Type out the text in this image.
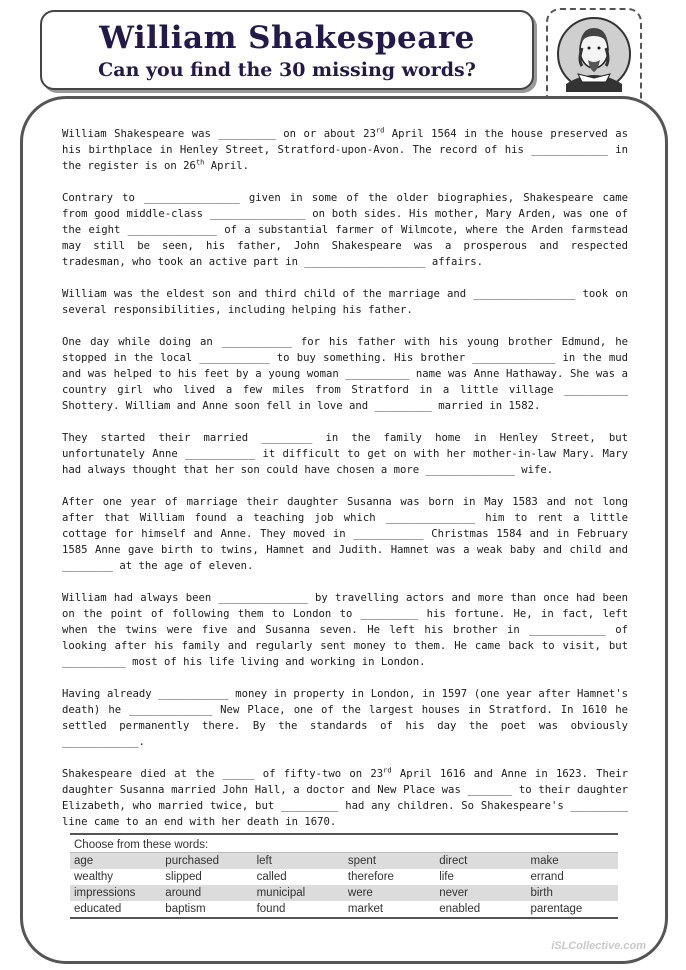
William Shakespeare
Can you find the 30 missing words?

William Shakespeare was _________ on or about 23rd April 1564 in the house preserved as his birthplace in Henley Street, Stratford-upon-Avon. The record of his ____________ in the register is on 26th April.

Contrary to _______________ given in some of the older biographies, Shakespeare came from good middle-class _______________ on both sides. His mother, Mary Arden, was one of the eight ______________ of a substantial farmer of Wilmcote, where the Arden farmstead may still be seen, his father, John Shakespeare was a prosperous and respected tradesman, who took an active part in ___________________ affairs.

William was the eldest son and third child of the marriage and ________________ took on several responsibilities, including helping his father.

One day while doing an ___________ for his father with his young brother Edmund, he stopped in the local ___________ to buy something. His brother _____________ in the mud and was helped to his feet by a young woman __________ name was Anne Hathaway. She was a country girl who lived a few miles from Stratford in a little village __________ Shottery. William and Anne soon fell in love and _________ married in 1582.

They started their married ________ in the family home in Henley Street, but unfortunately Anne ___________ it difficult to get on with her mother-in-law Mary. Mary had always thought that her son could have chosen a more ______________ wife.

After one year of marriage their daughter Susanna was born in May 1583 and not long after that William found a teaching job which ______________ him to rent a little cottage for himself and Anne. They moved in ___________ Christmas 1584 and in February 1585 Anne gave birth to twins, Hamnet and Judith. Hamnet was a weak baby and child and ________ at the age of eleven.

William had always been ______________ by travelling actors and more than once had been on the point of following them to London to _________ his fortune. He, in fact, left when the twins were five and Susanna seven. He left his brother in ____________ of looking after his family and regularly sent money to them. He came back to visit, but __________ most of his life living and working in London.

Having already ___________ money in property in London, in 1597 (one year after Hamnet's death) he _____________ New Place, one of the largest houses in Stratford. In 1610 he settled permanently there. By the standards of his day the poet was obviously ____________.

Shakespeare died at the _____ of fifty-two on 23rd April 1616 and Anne in 1623. Their daughter Susanna married John Hall, a doctor and New Place was _______ to their daughter Elizabeth, who married twice, but _________ had any children. So Shakespeare's _________ line came to an end with her death in 1670.

Choose from these words:
age	purchased	left	spent	direct	make
wealthy	slipped	called	therefore	life	errand
impressions	around	municipal	were	never	birth
educated	baptism	found	market	enabled	parentage
iSLCollective.com
